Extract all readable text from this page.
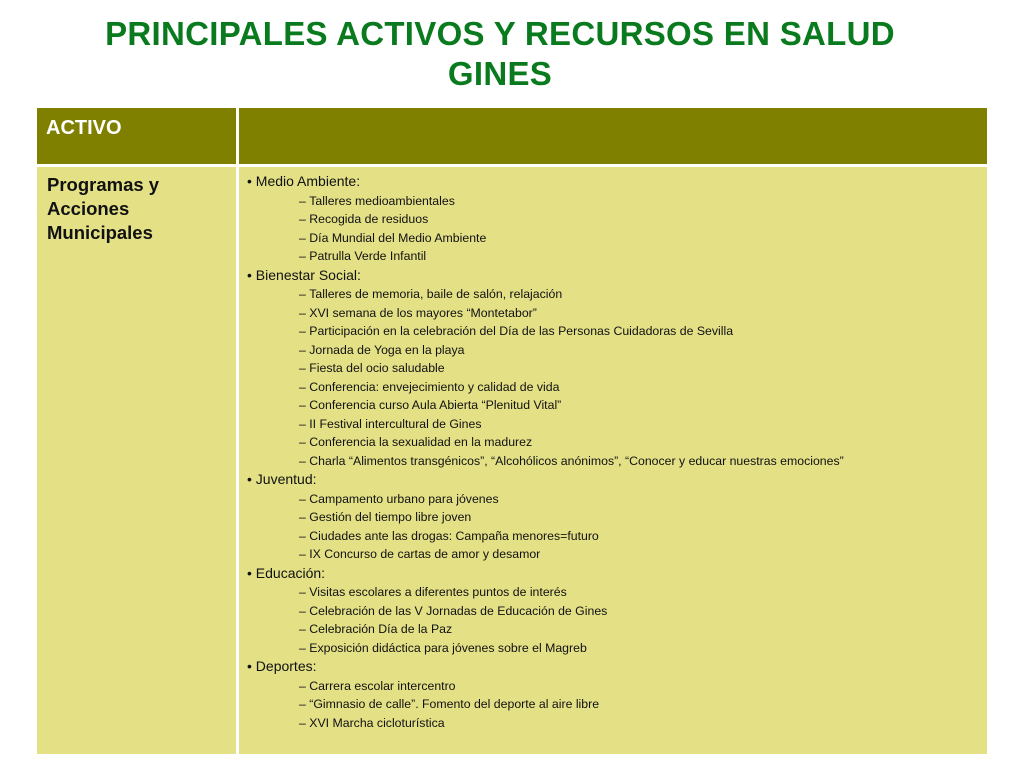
PRINCIPALES ACTIVOS Y RECURSOS EN SALUD
GINES
ACTIVO
Programas y
Acciones
Municipales
• Medio Ambiente:
– Talleres medioambientales
– Recogida de residuos
– Día Mundial del Medio Ambiente
– Patrulla Verde Infantil
• Bienestar Social:
– Talleres de memoria, baile de salón, relajación
– XVI semana de los mayores “Montetabor”
– Participación en la celebración del Día de las Personas Cuidadoras de Sevilla
– Jornada de Yoga en la playa
– Fiesta del ocio saludable
– Conferencia: envejecimiento y calidad de vida
– Conferencia curso Aula Abierta “Plenitud Vital”
– II Festival intercultural de Gines
– Conferencia la sexualidad en la madurez
– Charla “Alimentos transgénicos”, “Alcohólicos anónimos”, “Conocer y educar nuestras emociones”
• Juventud:
– Campamento urbano para jóvenes
– Gestión del tiempo libre joven
– Ciudades ante las drogas: Campaña menores=futuro
– IX Concurso de cartas de amor y desamor
• Educación:
– Visitas escolares a diferentes puntos de interés
– Celebración de las V Jornadas de Educación de Gines
– Celebración Día de la Paz
– Exposición didáctica para jóvenes sobre el Magreb
• Deportes:
– Carrera escolar intercentro
– “Gimnasio de calle”. Fomento del deporte al aire libre
– XVI Marcha cicloturística
